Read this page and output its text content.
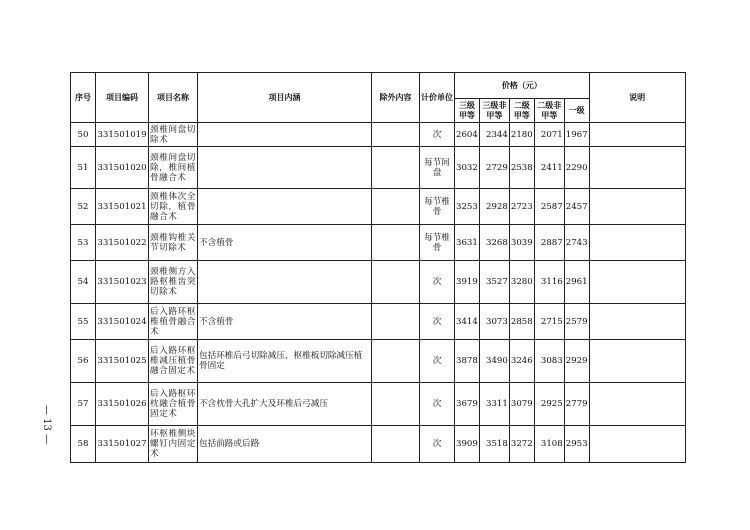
— 13 —
序号	项目编码	项目名称	项目内涵	除外内容	计价单位	价格（元）					说明
						三级甲等	三级非甲等	二级甲等	二级非甲等	一级	
50	331501019	颈椎间盘切除术			次	2604	2344	2180	2071	1967	
51	331501020	颈椎间盘切除，椎间植骨融合术			每节间盘	3032	2729	2538	2411	2290	
52	331501021	颈椎体次全切除，植骨融合术			每节椎骨	3253	2928	2723	2587	2457	
53	331501022	颈椎钩椎关节切除术	不含植骨		每节椎骨	3631	3268	3039	2887	2743	
54	331501023	颈椎侧方入路枢椎齿突切除术			次	3919	3527	3280	3116	2961	
55	331501024	后入路环枢椎植骨融合术	不含植骨		次	3414	3073	2858	2715	2579	
56	331501025	后入路环枢椎减压植骨融合固定术	包括环椎后弓切除减压，枢椎板切除减压植骨固定		次	3878	3490	3246	3083	2929	
57	331501026	后入路枢环枕融合植骨固定术	不含枕骨大孔扩大及环椎后弓减压		次	3679	3311	3079	2925	2779	
58	331501027	环枢椎侧块螺钉内固定术	包括前路或后路		次	3909	3518	3272	3108	2953	
